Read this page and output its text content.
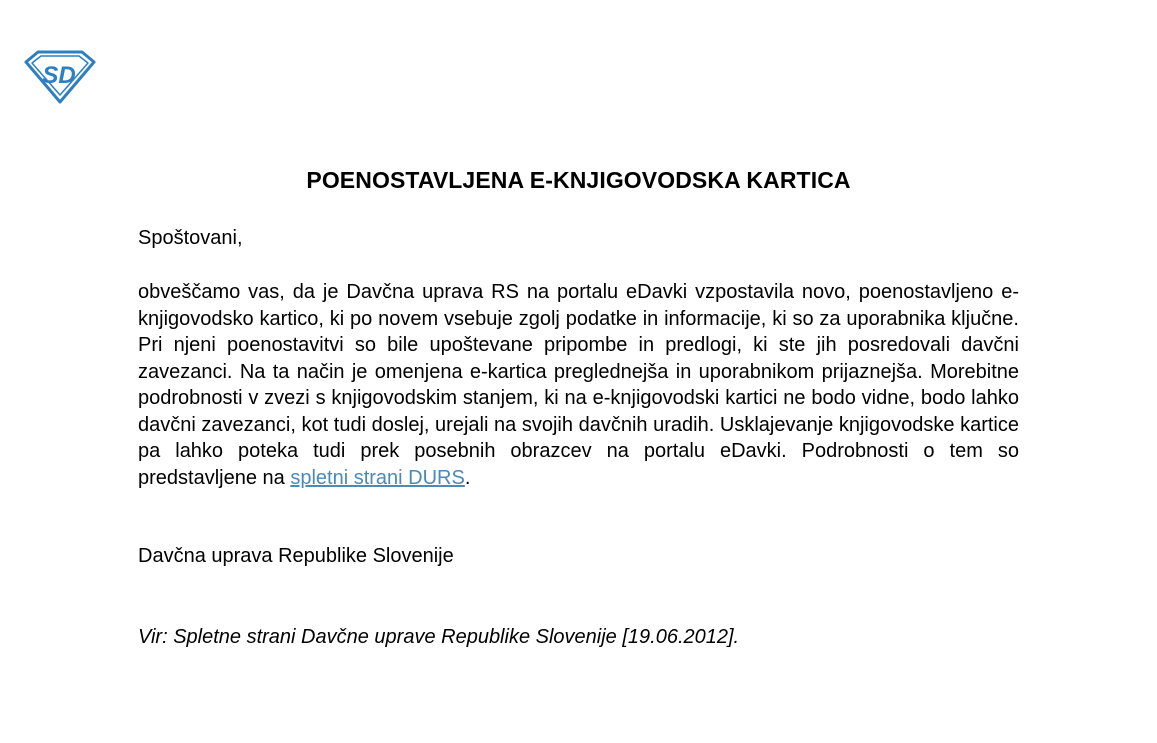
SD
POENOSTAVLJENA E-KNJIGOVODSKA KARTICA
Spoštovani,
obveščamo vas, da je Davčna uprava RS na portalu eDavki vzpostavila novo, poenostavljeno e-knjigovodsko kartico, ki po novem vsebuje zgolj podatke in informacije, ki so za uporabnika ključne. Pri njeni poenostavitvi so bile upoštevane pripombe in predlogi, ki ste jih posredovali davčni zavezanci. Na ta način je omenjena e-kartica preglednejša in uporabnikom prijaznejša. Morebitne podrobnosti v zvezi s knjigovodskim stanjem, ki na e-knjigovodski kartici ne bodo vidne, bodo lahko davčni zavezanci, kot tudi doslej, urejali na svojih davčnih uradih. Usklajevanje knjigovodske kartice pa lahko poteka tudi prek posebnih obrazcev na portalu eDavki. Podrobnosti o tem so predstavljene na spletni strani DURS.
Davčna uprava Republike Slovenije
Vir: Spletne strani Davčne uprave Republike Slovenije [19.06.2012].
